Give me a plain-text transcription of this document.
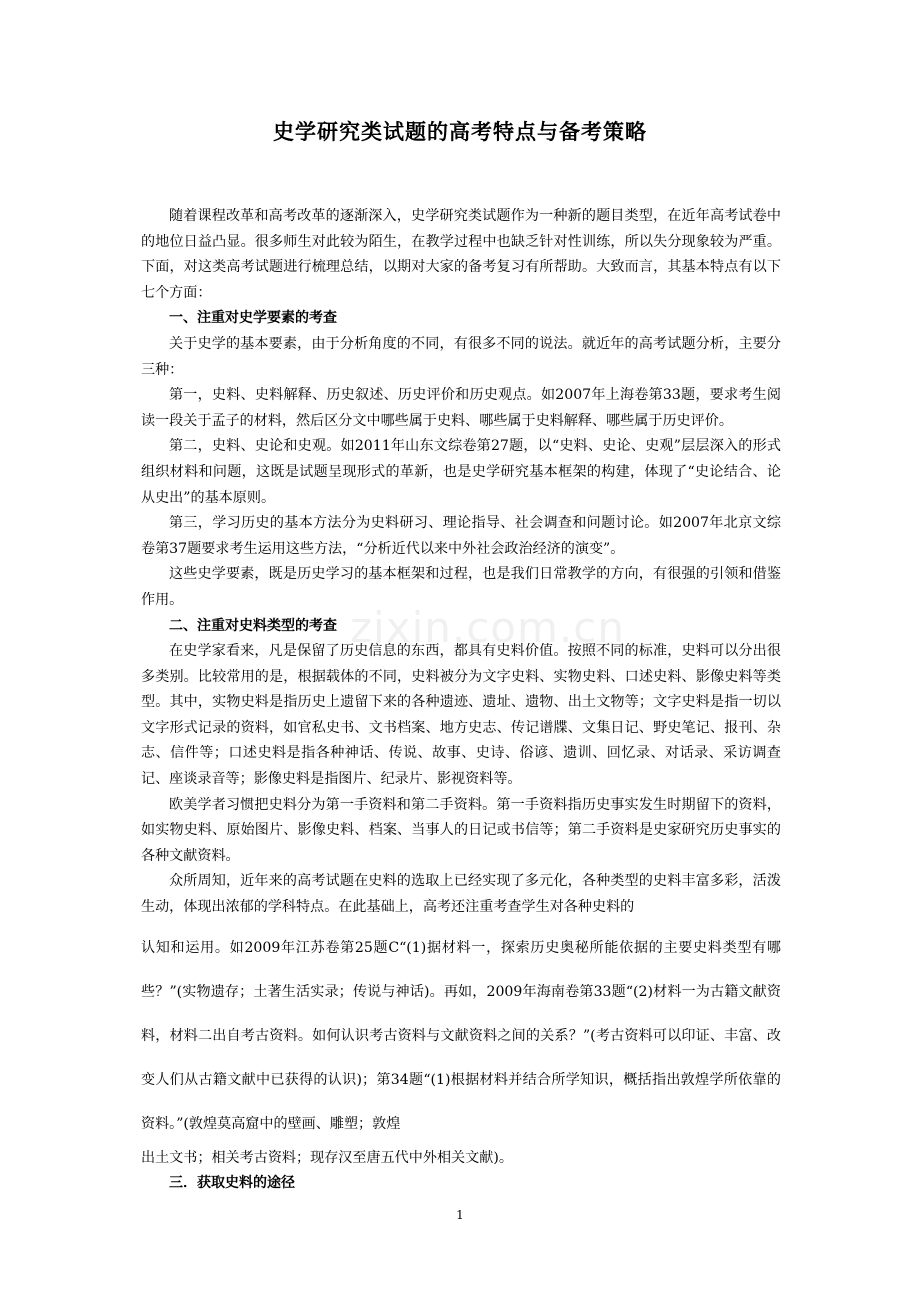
史学研究类试题的高考特点与备考策略

随着课程改革和高考改革的逐渐深入，史学研究类试题作为一种新的题目类型，在近年高考试卷中的地位日益凸显。很多师生对此较为陌生，在教学过程中也缺乏针对性训练，所以失分现象较为严重。下面，对这类高考试题进行梳理总结，以期对大家的备考复习有所帮助。大致而言，其基本特点有以下七个方面：

一、注重对史学要素的考查

关于史学的基本要素，由于分析角度的不同，有很多不同的说法。就近年的高考试题分析，主要分三种：

第一，史料、史料解释、历史叙述、历史评价和历史观点。如2007年上海卷第33题，要求考生阅读一段关于孟子的材料，然后区分文中哪些属于史料、哪些属于史料解释、哪些属于历史评价。

第二，史料、史论和史观。如2011年山东文综卷第27题，以“史料、史论、史观”层层深入的形式组织材料和问题，这既是试题呈现形式的革新，也是史学研究基本框架的构建，体现了“史论结合、论从史出”的基本原则。

第三，学习历史的基本方法分为史料研习、理论指导、社会调查和问题讨论。如2007年北京文综卷第37题要求考生运用这些方法，“分析近代以来中外社会政治经济的演变”。

这些史学要素，既是历史学习的基本框架和过程，也是我们日常教学的方向，有很强的引领和借鉴作用。

二、注重对史料类型的考查

在史学家看来，凡是保留了历史信息的东西，都具有史料价值。按照不同的标准，史料可以分出很多类别。比较常用的是，根据载体的不同，史料被分为文字史料、实物史料、口述史料、影像史料等类型。其中，实物史料是指历史上遗留下来的各种遗迹、遗址、遗物、出土文物等；文字史料是指一切以文字形式记录的资料，如官私史书、文书档案、地方史志、传记谱牒、文集日记、野史笔记、报刊、杂志、信件等；口述史料是指各种神话、传说、故事、史诗、俗谚、遗训、回忆录、对话录、采访调查记、座谈录音等；影像史料是指图片、纪录片、影视资料等。

欧美学者习惯把史料分为第一手资料和第二手资料。第一手资料指历史事实发生时期留下的资料，如实物史料、原始图片、影像史料、档案、当事人的日记或书信等；第二手资料是史家研究历史事实的各种文献资料。

众所周知，近年来的高考试题在史料的选取上已经实现了多元化，各种类型的史料丰富多彩，活泼生动，体现出浓郁的学科特点。在此基础上，高考还注重考查学生对各种史料的

认知和运用。如2009年江苏卷第25题C“(1)据材料一，探索历史奥秘所能依据的主要史料类型有哪些？”(实物遗存；土著生活实录；传说与神话)。再如，2009年海南卷第33题“(2)材料一为古籍文献资料，材料二出自考古资料。如何认识考古资料与文献资料之间的关系？”(考古资料可以印证、丰富、改变人们从古籍文献中已获得的认识)；第34题“(1)根据材料并结合所学知识，概括指出敦煌学所依靠的资料。”(敦煌莫高窟中的壁画、雕塑；敦煌

出土文书；相关考古资料；现存汉至唐五代中外相关文献)。

三．获取史料的途径

zixin.com.cn
1
